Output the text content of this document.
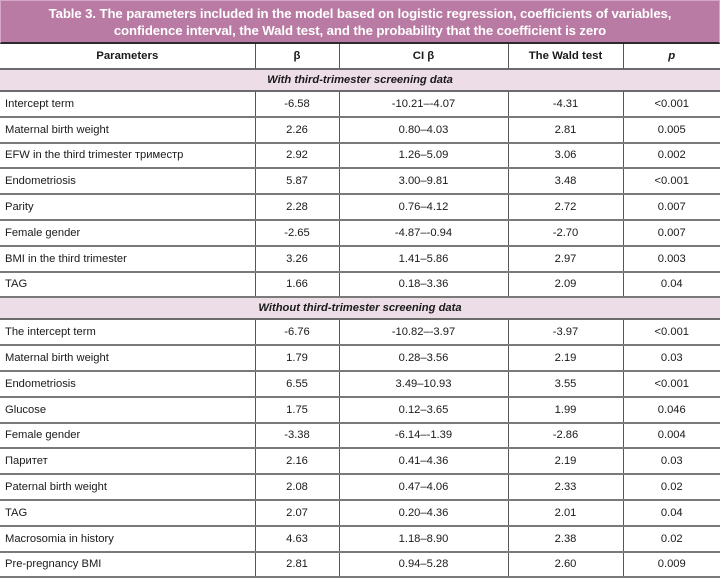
Table 3. The parameters included in the model based on logistic regression, coefficients of variables,
confidence interval, the Wald test, and the probability that the coefficient is zero
Parameters	β	CI β	The Wald test	p
With third-trimester screening data				
Intercept term	-6.58	-10.21–-4.07	-4.31	<0.001
Maternal birth weight	2.26	0.80–4.03	2.81	0.005
EFW in the third trimester триместр	2.92	1.26–5.09	3.06	0.002
Endometriosis	5.87	3.00–9.81	3.48	<0.001
Parity	2.28	0.76–4.12	2.72	0.007
Female gender	-2.65	-4.87–-0.94	-2.70	0.007
BMI in the third trimester	3.26	1.41–5.86	2.97	0.003
TAG	1.66	0.18–3.36	2.09	0.04
Without third-trimester screening data				
The intercept term	-6.76	-10.82–-3.97	-3.97	<0.001
Maternal birth weight	1.79	0.28–3.56	2.19	0.03
Endometriosis	6.55	3.49–10.93	3.55	<0.001
Glucose	1.75	0.12–3.65	1.99	0.046
Female gender	-3.38	-6.14–-1.39	-2.86	0.004
Паритет	2.16	0.41–4.36	2.19	0.03
Paternal birth weight	2.08	0.47–4.06	2.33	0.02
TAG	2.07	0.20–4.36	2.01	0.04
Macrosomia in history	4.63	1.18–8.90	2.38	0.02
Pre-pregnancy BMI	2.81	0.94–5.28	2.60	0.009
